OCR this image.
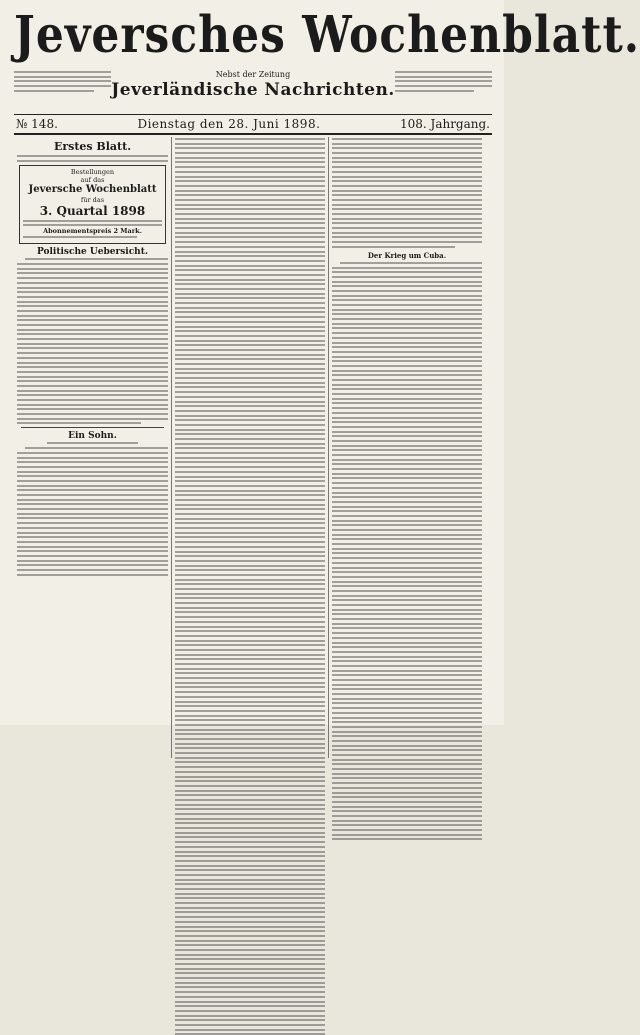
Jeversches Wochenblatt.
Nebst der Zeitung
Jeverländische Nachrichten.
№ 148.	Dienstag den 28. Juni 1898.	108. Jahrgang.
Erstes Blatt.
Bestellungen
auf das
Jeversche Wochenblatt
für das
3. Quartal 1898
Abonnementspreis 2 Mark.
Politische Uebersicht.
Ein Sohn.
Der Krieg um Cuba.
